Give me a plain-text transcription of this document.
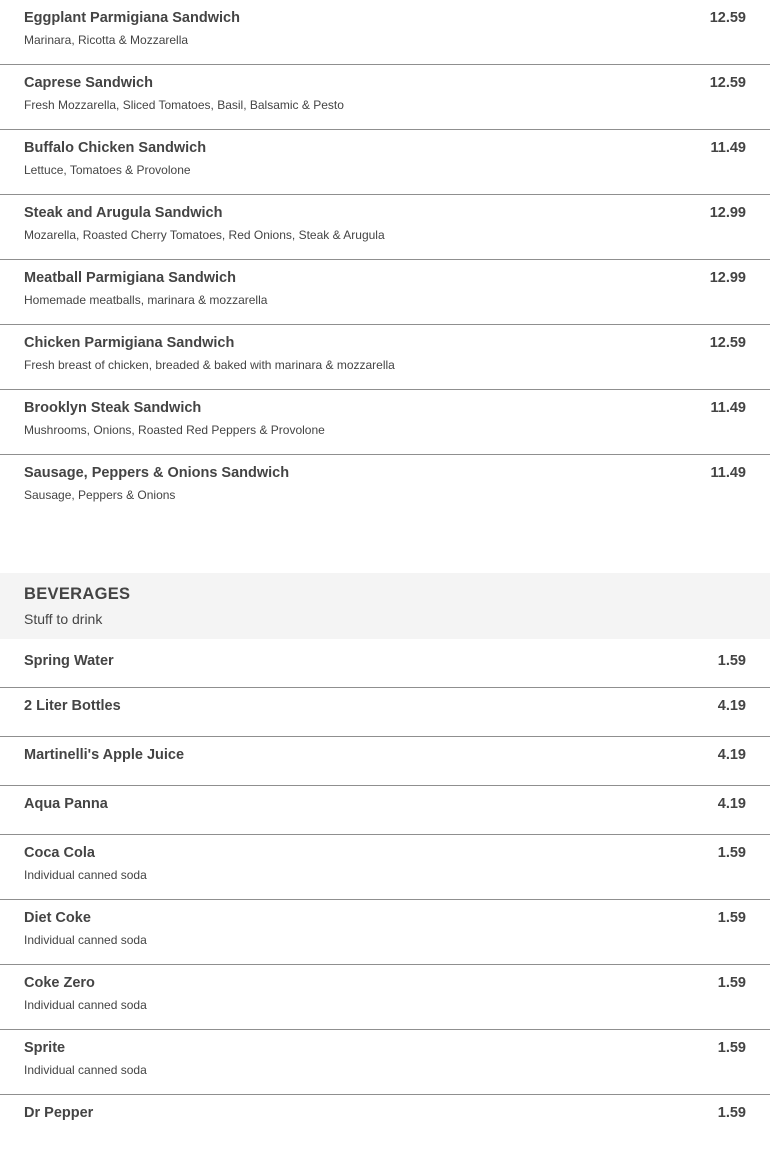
Eggplant Parmigiana Sandwich	12.59
Marinara, Ricotta & Mozzarella
Caprese Sandwich	12.59
Fresh Mozzarella, Sliced Tomatoes, Basil, Balsamic & Pesto
Buffalo Chicken Sandwich	11.49
Lettuce, Tomatoes & Provolone
Steak and Arugula Sandwich	12.99
Mozarella, Roasted Cherry Tomatoes, Red Onions, Steak & Arugula
Meatball Parmigiana Sandwich	12.99
Homemade meatballs, marinara & mozzarella
Chicken Parmigiana Sandwich	12.59
Fresh breast of chicken, breaded & baked with marinara & mozzarella
Brooklyn Steak Sandwich	11.49
Mushrooms, Onions, Roasted Red Peppers & Provolone
Sausage, Peppers & Onions Sandwich	11.49
Sausage, Peppers & Onions
BEVERAGES
Stuff to drink
Spring Water	1.59
2 Liter Bottles	4.19
Martinelli's Apple Juice	4.19
Aqua Panna	4.19
Coca Cola	1.59
Individual canned soda
Diet Coke	1.59
Individual canned soda
Coke Zero	1.59
Individual canned soda
Sprite	1.59
Individual canned soda
Dr Pepper	1.59
